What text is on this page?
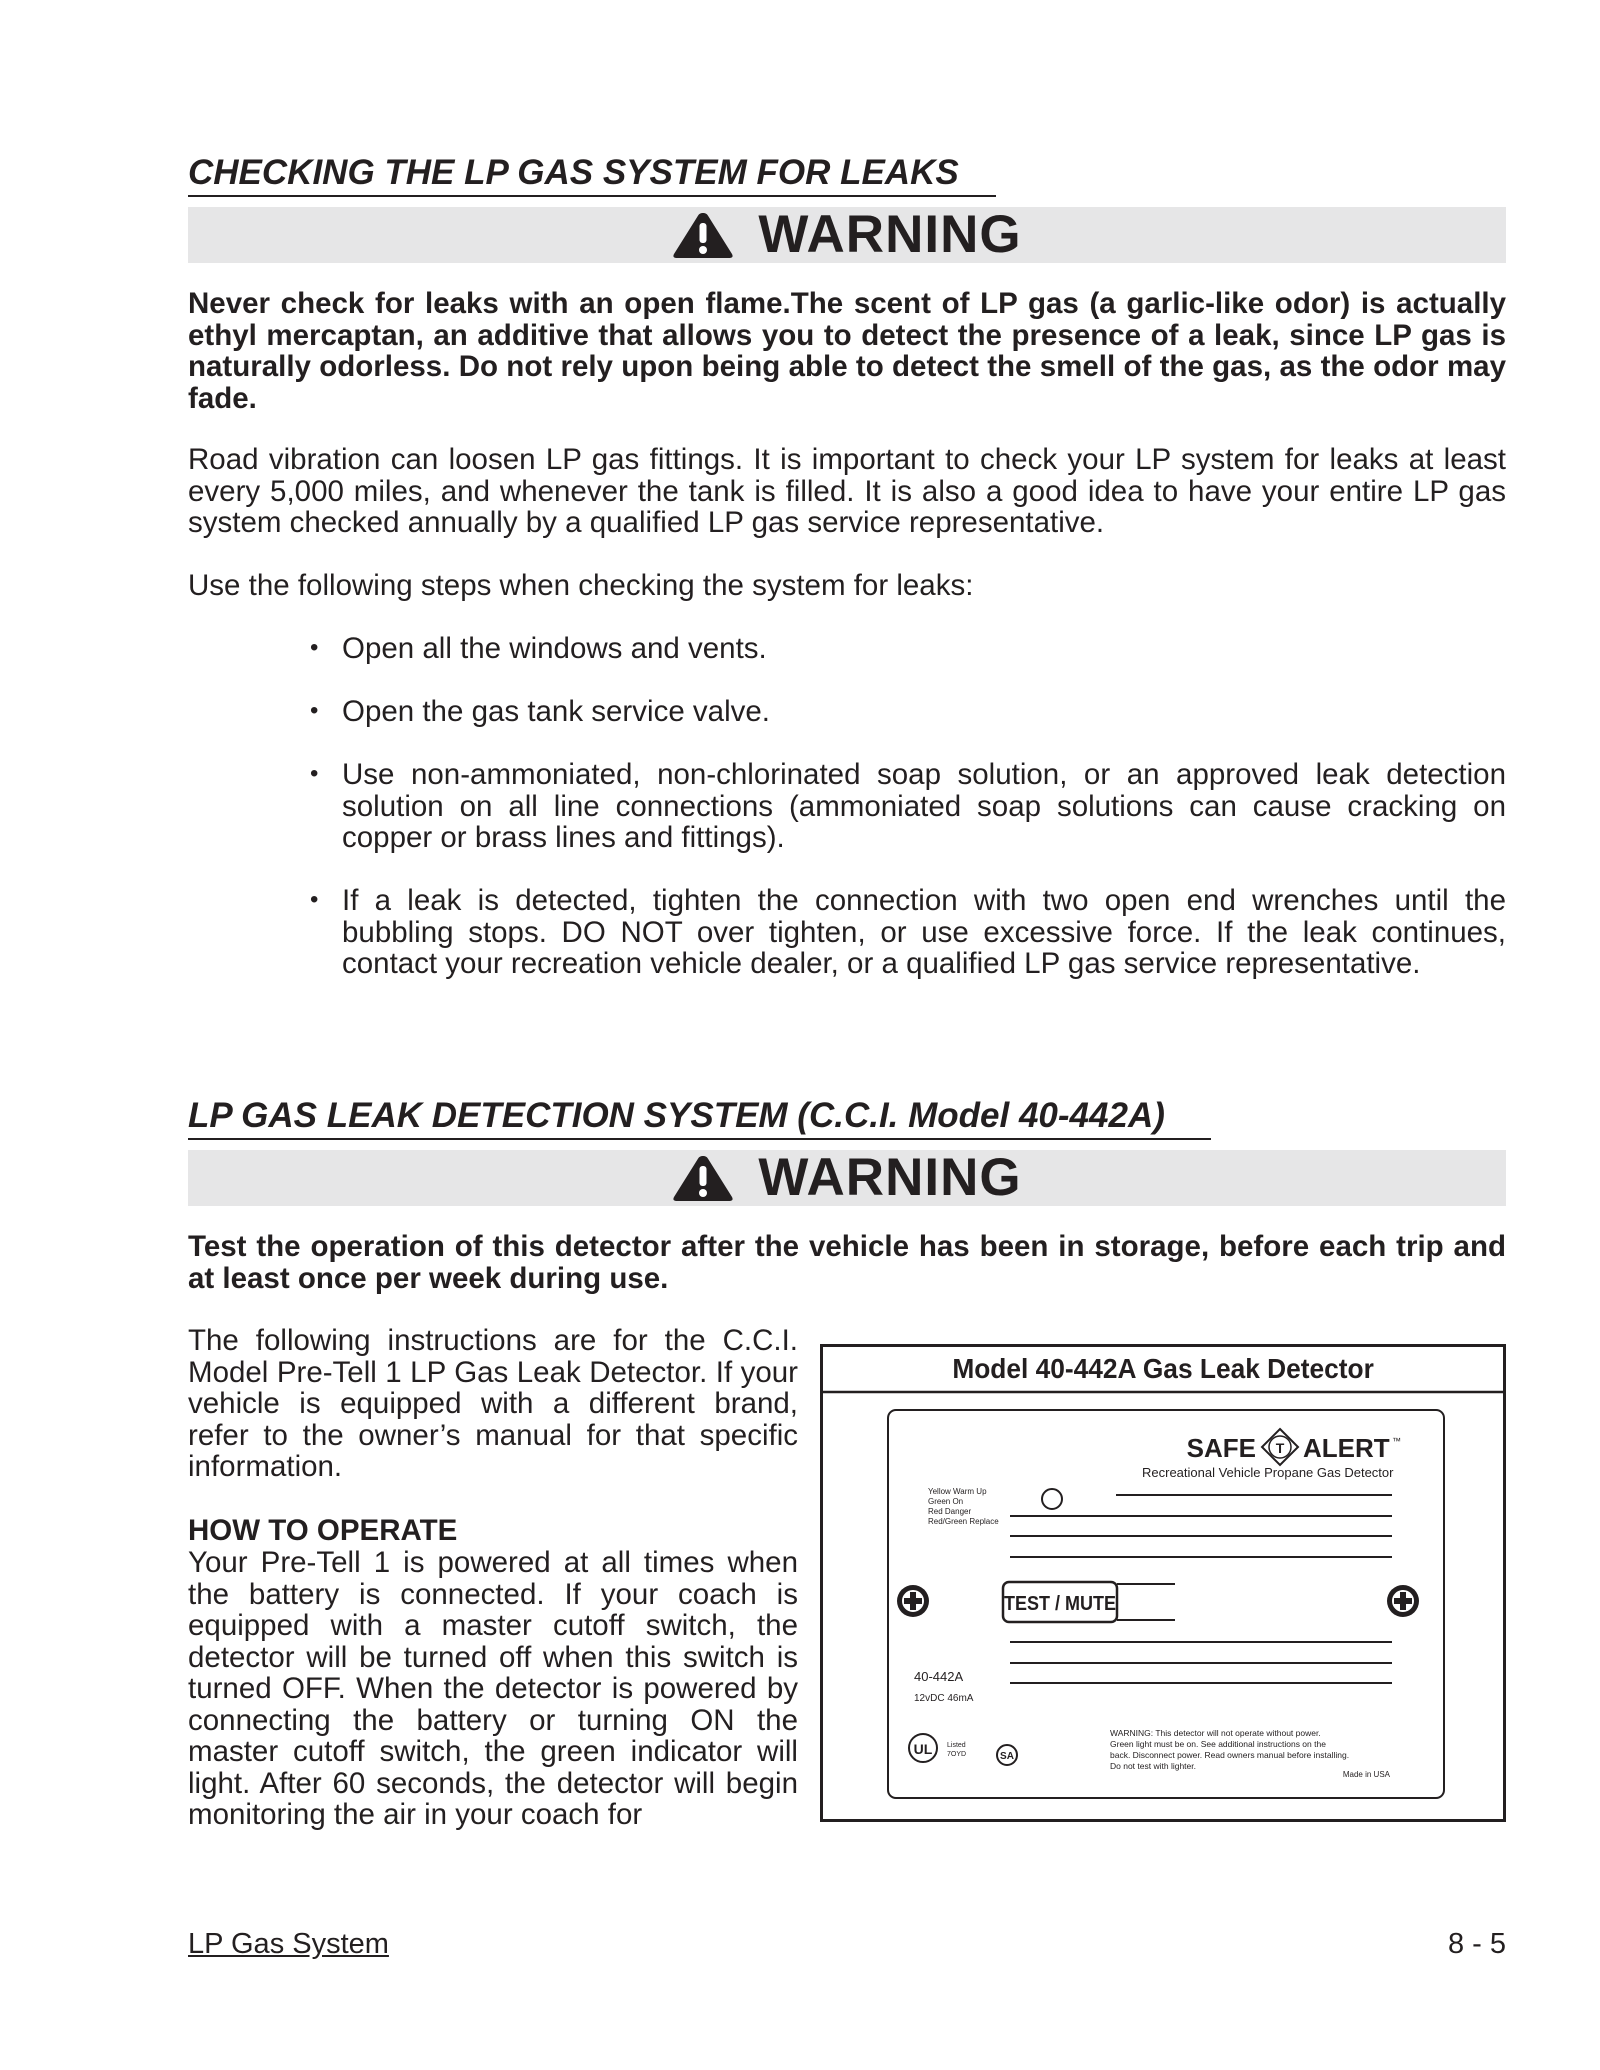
CHECKING THE LP GAS SYSTEM FOR LEAKS
WARNING

Never check for leaks with an open flame.The scent of LP gas (a garlic-like odor) is actually ethyl mercaptan, an additive that allows you to detect the presence of a leak, since LP gas is naturally odorless. Do not rely upon being able to detect the smell of the gas, as the odor may fade.

Road vibration can loosen LP gas fittings. It is important to check your LP system for leaks at least every 5,000 miles, and whenever the tank is filled. It is also a good idea to have your entire LP gas system checked annually by a qualified LP gas service representative.

Use the following steps when checking the system for leaks:

• Open all the windows and vents.

• Open the gas tank service valve.

• Use non-ammoniated, non-chlorinated soap solution, or an approved leak detection solution on all line connections (ammoniated soap solutions can cause cracking on copper or brass lines and fittings).

• If a leak is detected, tighten the connection with two open end wrenches until the bubbling stops. DO NOT over tighten, or use excessive force. If the leak continues, contact your recreation vehicle dealer, or a qualified LP gas service representative.

LP GAS LEAK DETECTION SYSTEM (C.C.I. Model 40-442A)
WARNING

Test the operation of this detector after the vehicle has been in storage, before each trip and at least once per week during use.

The following instructions are for the C.C.I. Model Pre-Tell 1 LP Gas Leak Detector. If your vehicle is equipped with a different brand, refer to the owner’s manual for that specific information.

HOW TO OPERATE

Your Pre-Tell 1 is powered at all times when the battery is connected. If your coach is equipped with a master cutoff switch, the detector will be turned off when this switch is turned OFF. When the detector is powered by connecting the battery or turning ON the master cutoff switch, the green indicator will light. After 60 seconds, the detector will begin monitoring the air in your coach for

Model 40-442A Gas Leak Detector
SAFE T ALERT ™
Recreational Vehicle Propane Gas Detector
Yellow Warm Up
Green On
Red Danger
Red/Green Replace
TEST / MUTE
40-442A
12vDC 46mA
UL Listed
7OYD	SA
WARNING: This detector will not operate without power.
Green light must be on. See additional instructions on the
back. Disconnect power. Read owners manual before installing.
Do not test with lighter.
Made in USA
LP Gas System	8 - 5
